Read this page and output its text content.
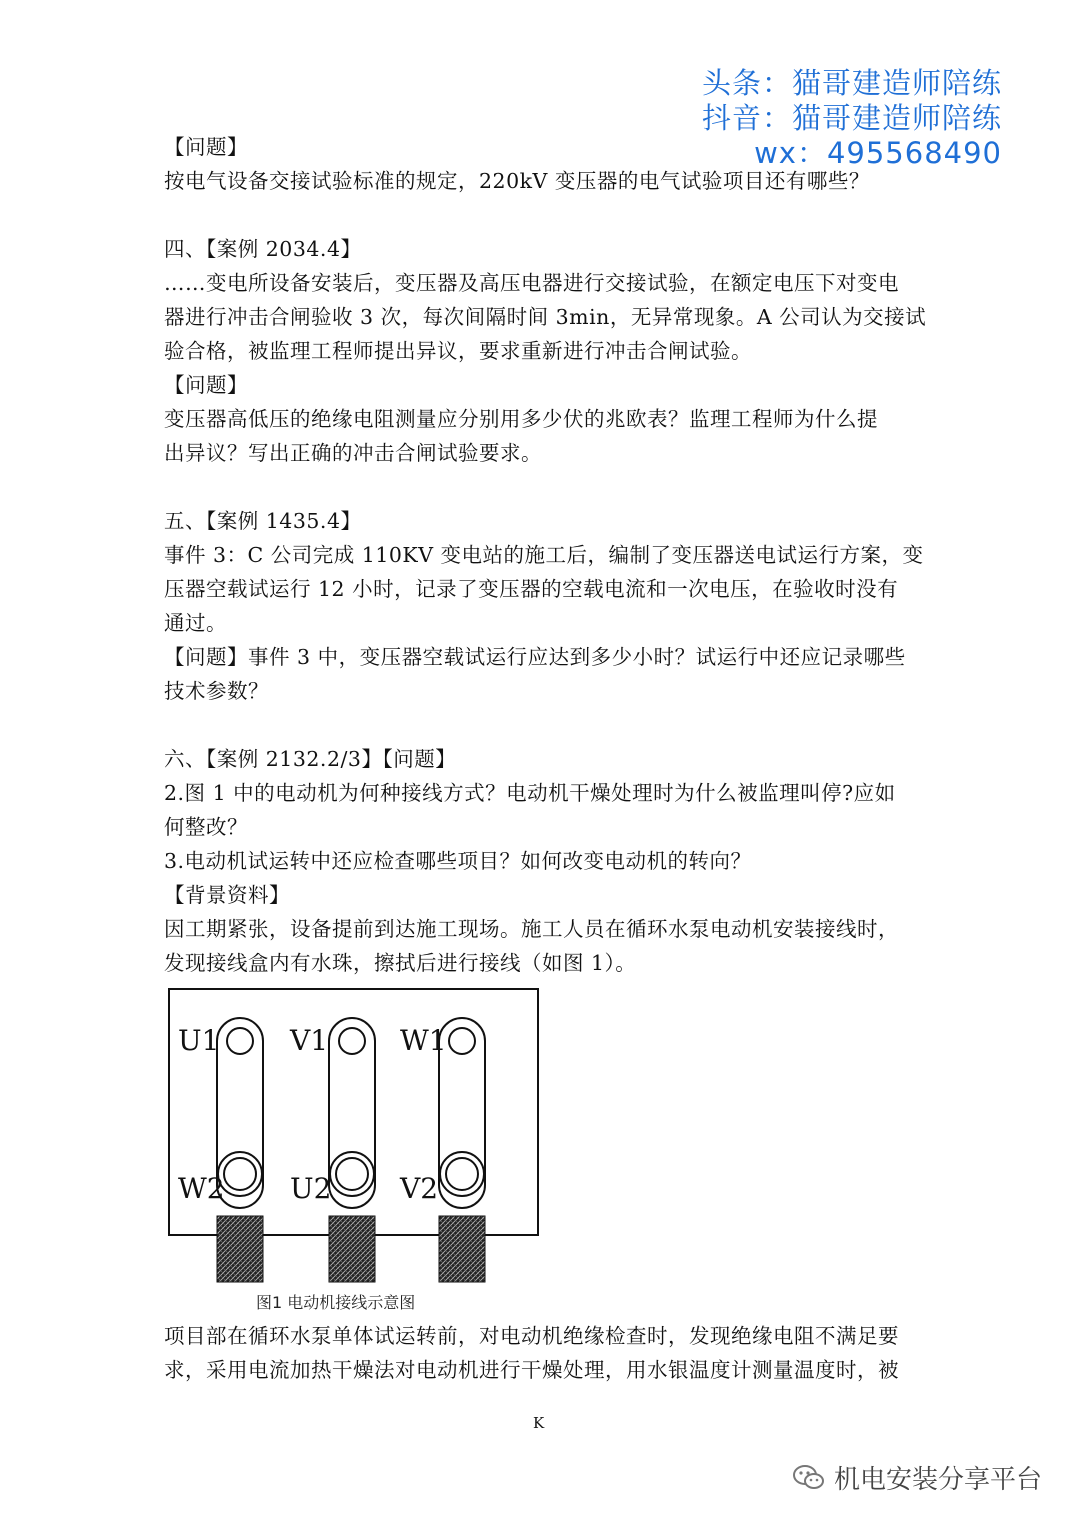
头条：猫哥建造师陪练
抖音：猫哥建造师陪练
wx：495568490

【问题】

按电气设备交接试验标准的规定，220kV 变压器的电气试验项目还有哪些？

四、【案例 2034.4】

……变电所设备安装后，变压器及高压电器进行交接试验，在额定电压下对变电

器进行冲击合闸验收 3 次，每次间隔时间 3min，无异常现象。A 公司认为交接试

验合格，被监理工程师提出异议，要求重新进行冲击合闸试验。

【问题】

变压器高低压的绝缘电阻测量应分别用多少伏的兆欧表？监理工程师为什么提

出异议？写出正确的冲击合闸试验要求。

五、【案例 1435.4】

事件 3：C 公司完成 110KV 变电站的施工后，编制了变压器送电试运行方案，变

压器空载试运行 12 小时，记录了变压器的空载电流和一次电压，在验收时没有

通过。

【问题】事件 3 中，变压器空载试运行应达到多少小时？试运行中还应记录哪些

技术参数？

六、【案例 2132.2/3】【问题】

2.图 1 中的电动机为何种接线方式？电动机干燥处理时为什么被监理叫停?应如

何整改？

3.电动机试运转中还应检查哪些项目？如何改变电动机的转向？

【背景资料】

因工期紧张，设备提前到达施工现场。施工人员在循环水泵电动机安装接线时，

发现接线盒内有水珠，擦拭后进行接线（如图 1）。

U1	V1	W1
W2 U2 V2
图1 电动机接线示意图

项目部在循环水泵单体试运转前，对电动机绝缘检查时，发现绝缘电阻不满足要

求，采用电流加热干燥法对电动机进行干燥处理，用水银温度计测量温度时，被

K
机电安装分享平台
